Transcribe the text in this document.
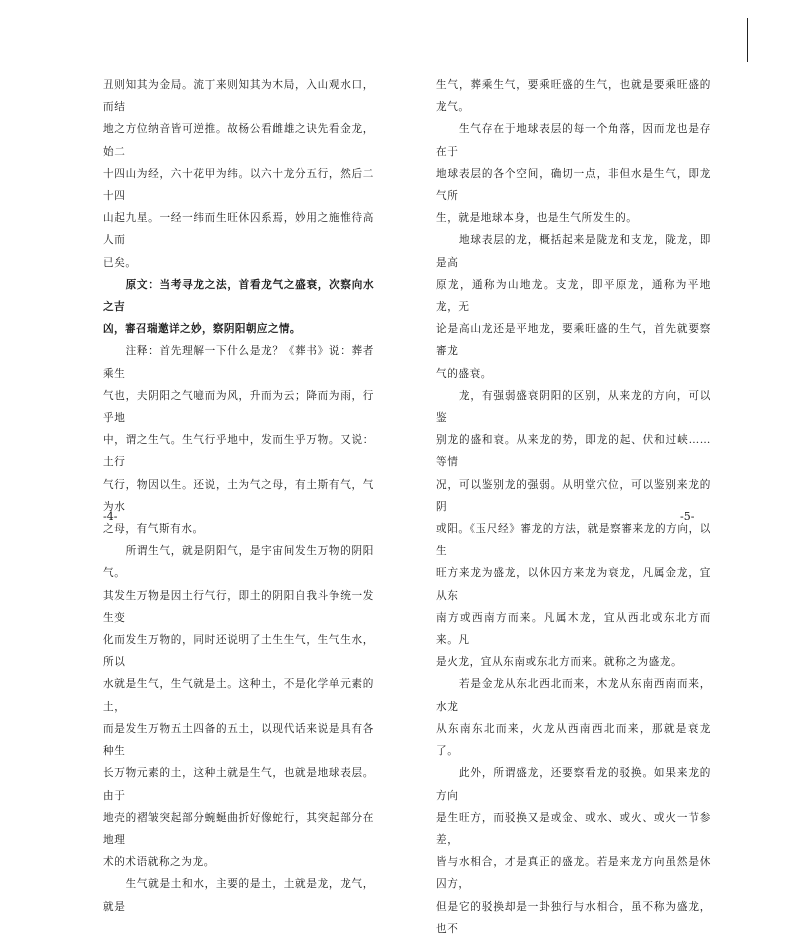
丑则知其为金局。流丁来则知其为木局，入山观水口，而结
地之方位纳音皆可逆推。故杨公看雌雄之诀先看金龙，始二
十四山为经，六十花甲为纬。以六十龙分五行，然后二十四
山起九星。一经一纬而生旺休囚系焉，妙用之施惟待高人而
已矣。

　　原文：当考寻龙之法，首看龙气之盛衰，次察向水之吉
凶，審召瑞邀详之妙，察阴阳朝应之情。

　　注释：首先理解一下什么是龙？《葬书》说：葬者乘生
气也，夫阴阳之气噫而为风，升而为云；降而为雨，行乎地
中，谓之生气。生气行乎地中，发而生乎万物。又说：土行
气行，物因以生。还说，土为气之母，有土斯有气，气为水
之母，有气斯有水。

　　所谓生气，就是阴阳气，是宇宙间发生万物的阴阳气。
其发生万物是因土行气行，即土的阴阳自我斗争统一发生变
化而发生万物的，同时还说明了土生生气，生气生水，所以
水就是生气，生气就是土。这种土，不是化学单元素的土，
而是发生万物五土四备的五土，以现代话来说是具有各种生
长万物元素的土，这种土就是生气，也就是地球表层。由于
地壳的褶皱突起部分蜿蜒曲折好像蛇行，其突起部分在地理
术的术语就称之为龙。

　　生气就是土和水，主要的是土，土就是龙，龙气，就是

-4-

生气，葬乘生气，要乘旺盛的生气，也就是要乘旺盛的龙气。

　　生气存在于地球表层的每一个角落，因而龙也是存在于
地球表层的各个空间，确切一点，非但水是生气，即龙气所
生，就是地球本身，也是生气所发生的。

　　地球表层的龙，概括起来是陇龙和支龙，陇龙，即是高
原龙，通称为山地龙。支龙，即平原龙，通称为平地龙，无
论是高山龙还是平地龙，要乘旺盛的生气，首先就要察審龙
气的盛衰。

　　龙，有强弱盛衰阴阳的区别，从来龙的方向，可以鉴
别龙的盛和衰。从来龙的势，即龙的起、伏和过峡……等情
况，可以鉴别龙的强弱。从明堂穴位，可以鉴别来龙的阴
或阳。《玉尺经》審龙的方法，就是察審来龙的方向，以生
旺方来龙为盛龙，以休囚方来龙为衰龙，凡属金龙，宜从东
南方或西南方而来。凡属木龙，宜从西北或东北方而来。凡
是火龙，宜从东南或东北方而来。就称之为盛龙。

　　若是金龙从东北西北而来，木龙从东南西南而来，水龙
从东南东北而来，火龙从西南西北而来，那就是衰龙了。

　　此外，所谓盛龙，还要察看龙的驳换。如果来龙的方向
是生旺方，而驳换又是或金、或水、或火、或火一节参差，
皆与水相合，才是真正的盛龙。若是来龙方向虽然是休囚方，
但是它的驳换却是一卦独行与水相合，虽不称为盛龙，也不

-5-
